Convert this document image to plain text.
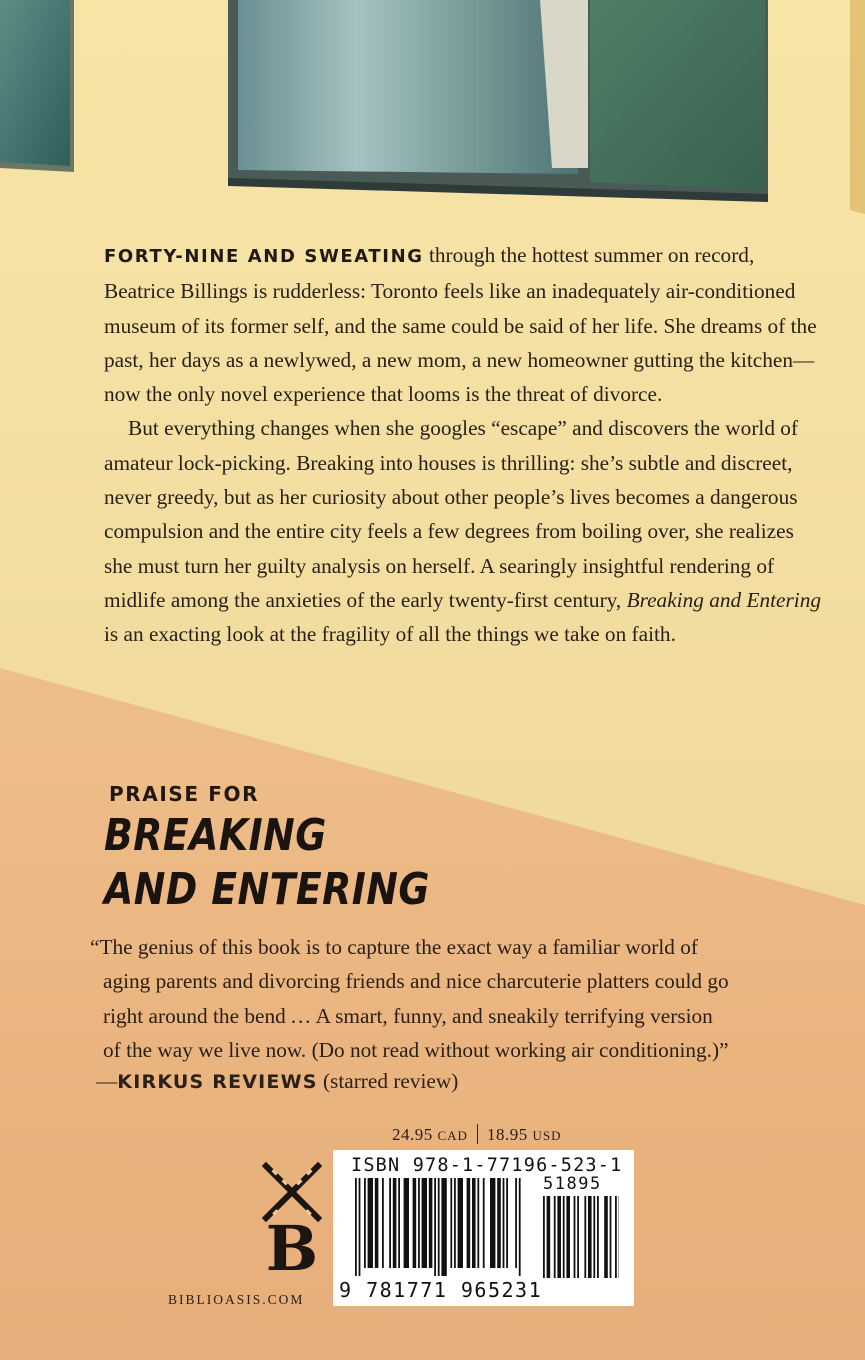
FORTY-NINE AND SWEATING through the hottest summer on record, Beatrice Billings is rudderless: Toronto feels like an inadequately air-conditioned museum of its former self, and the same could be said of her life. She dreams of the past, her days as a newlywed, a new mom, a new homeowner gutting the kitchen—now the only novel experience that looms is the threat of divorce.

But everything changes when she googles “escape” and discovers the world of amateur lock-picking. Breaking into houses is thrilling: she’s subtle and discreet, never greedy, but as her curiosity about other people’s lives becomes a dangerous compulsion and the entire city feels a few degrees from boiling over, she realizes she must turn her guilty analysis on herself. A searingly insightful rendering of midlife among the anxieties of the early twenty-first century, Breaking and Entering is an exacting look at the fragility of all the things we take on faith.

PRAISE FOR
BREAKING
AND ENTERING
“The genius of this book is to capture the exact way a familiar world of
aging parents and divorcing friends and nice charcuterie platters could go
right around the bend … A smart, funny, and sneakily terrifying version
of the way we live now. (Do not read without working air conditioning.)”
—KIRKUS REVIEWS (starred review)
24.95 CAD 18.95 USD
ISBN 978-1-77196-523-1
51895
9 781771 965231
B
BIBLIOASIS.COM
